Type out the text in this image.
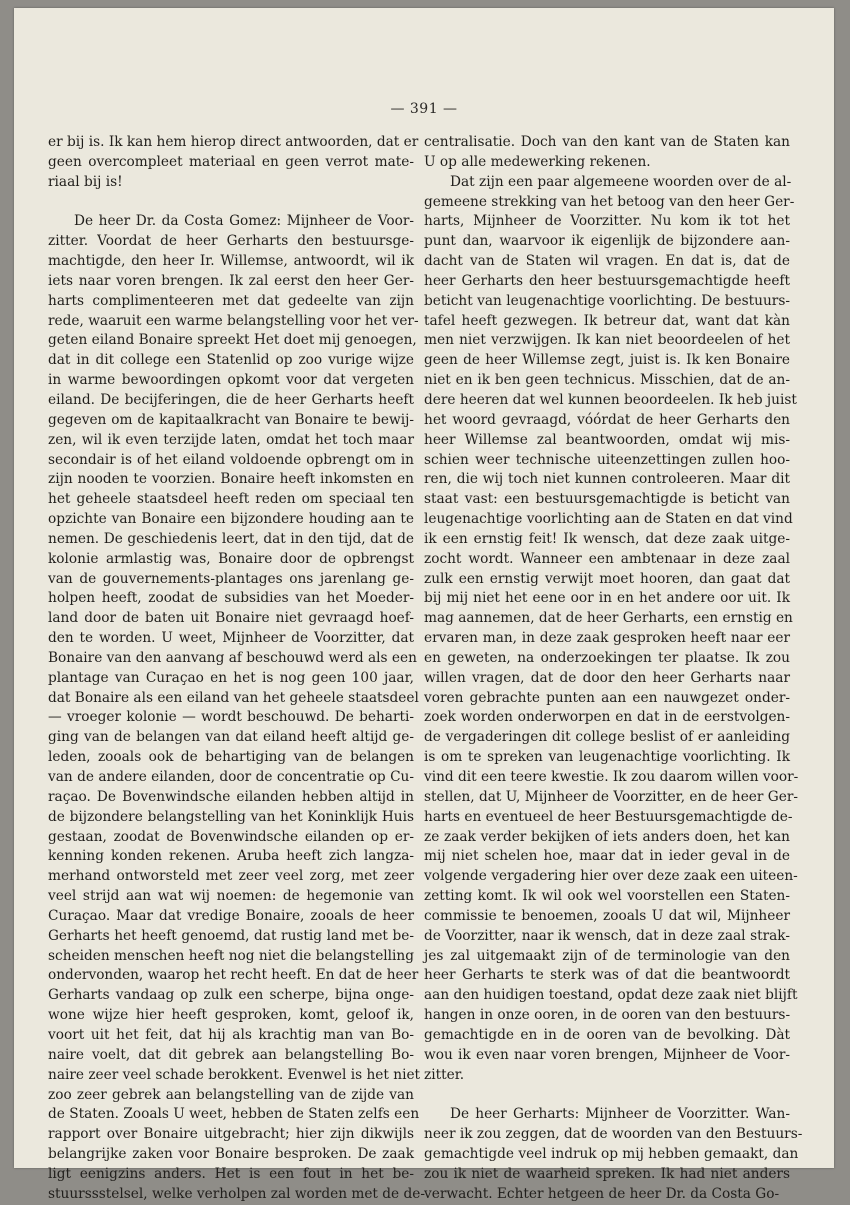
— 391 —
er bij is. Ik kan hem hierop direct antwoorden, dat er
geen overcompleet materiaal en geen verrot mate-
riaal bij is!
De heer Dr. da Costa Gomez: Mijnheer de Voor-
zitter. Voordat de heer Gerharts den bestuursge-
machtigde, den heer Ir. Willemse, antwoordt, wil ik
iets naar voren brengen. Ik zal eerst den heer Ger-
harts complimenteeren met dat gedeelte van zijn
rede, waaruit een warme belangstelling voor het ver-
geten eiland Bonaire spreekt Het doet mij genoegen,
dat in dit college een Statenlid op zoo vurige wijze
in warme bewoordingen opkomt voor dat vergeten
eiland. De becijferingen, die de heer Gerharts heeft
gegeven om de kapitaalkracht van Bonaire te bewij-
zen, wil ik even terzijde laten, omdat het toch maar
secondair is of het eiland voldoende opbrengt om in
zijn nooden te voorzien. Bonaire heeft inkomsten en
het geheele staatsdeel heeft reden om speciaal ten
opzichte van Bonaire een bijzondere houding aan te
nemen. De geschiedenis leert, dat in den tijd, dat de
kolonie armlastig was, Bonaire door de opbrengst
van de gouvernements-plantages ons jarenlang ge-
holpen heeft, zoodat de subsidies van het Moeder-
land door de baten uit Bonaire niet gevraagd hoef-
den te worden. U weet, Mijnheer de Voorzitter, dat
Bonaire van den aanvang af beschouwd werd als een
plantage van Curaçao en het is nog geen 100 jaar,
dat Bonaire als een eiland van het geheele staatsdeel
— vroeger kolonie — wordt beschouwd. De beharti-
ging van de belangen van dat eiland heeft altijd ge-
leden, zooals ook de behartiging van de belangen
van de andere eilanden, door de concentratie op Cu-
raçao. De Bovenwindsche eilanden hebben altijd in
de bijzondere belangstelling van het Koninklijk Huis
gestaan, zoodat de Bovenwindsche eilanden op er-
kenning konden rekenen. Aruba heeft zich langza-
merhand ontworsteld met zeer veel zorg, met zeer
veel strijd aan wat wij noemen: de hegemonie van
Curaçao. Maar dat vredige Bonaire, zooals de heer
Gerharts het heeft genoemd, dat rustig land met be-
scheiden menschen heeft nog niet die belangstelling
ondervonden, waarop het recht heeft. En dat de heer
Gerharts vandaag op zulk een scherpe, bijna onge-
wone wijze hier heeft gesproken, komt, geloof ik,
voort uit het feit, dat hij als krachtig man van Bo-
naire voelt, dat dit gebrek aan belangstelling Bo-
naire zeer veel schade berokkent. Evenwel is het niet
zoo zeer gebrek aan belangstelling van de zijde van
de Staten. Zooals U weet, hebben de Staten zelfs een
rapport over Bonaire uitgebracht; hier zijn dikwijls
belangrijke zaken voor Bonaire besproken. De zaak
ligt eenigzins anders. Het is een fout in het be-
stuurssstelsel, welke verholpen zal worden met de de-
centralisatie. Doch van den kant van de Staten kan
U op alle medewerking rekenen.
Dat zijn een paar algemeene woorden over de al-
gemeene strekking van het betoog van den heer Ger-
harts, Mijnheer de Voorzitter. Nu kom ik tot het
punt dan, waarvoor ik eigenlijk de bijzondere aan-
dacht van de Staten wil vragen. En dat is, dat de
heer Gerharts den heer bestuursgemachtigde heeft
beticht van leugenachtige voorlichting. De bestuurs-
tafel heeft gezwegen. Ik betreur dat, want dat kàn
men niet verzwijgen. Ik kan niet beoordeelen of het
geen de heer Willemse zegt, juist is. Ik ken Bonaire
niet en ik ben geen technicus. Misschien, dat de an-
dere heeren dat wel kunnen beoordeelen. Ik heb juist
het woord gevraagd, vóórdat de heer Gerharts den
heer Willemse zal beantwoorden, omdat wij mis-
schien weer technische uiteenzettingen zullen hoo-
ren, die wij toch niet kunnen controleeren. Maar dit
staat vast: een bestuursgemachtigde is beticht van
leugenachtige voorlichting aan de Staten en dat vind
ik een ernstig feit! Ik wensch, dat deze zaak uitge-
zocht wordt. Wanneer een ambtenaar in deze zaal
zulk een ernstig verwijt moet hooren, dan gaat dat
bij mij niet het eene oor in en het andere oor uit. Ik
mag aannemen, dat de heer Gerharts, een ernstig en
ervaren man, in deze zaak gesproken heeft naar eer
en geweten, na onderzoekingen ter plaatse. Ik zou
willen vragen, dat de door den heer Gerharts naar
voren gebrachte punten aan een nauwgezet onder-
zoek worden onderworpen en dat in de eerstvolgen-
de vergaderingen dit college beslist of er aanleiding
is om te spreken van leugenachtige voorlichting. Ik
vind dit een teere kwestie. Ik zou daarom willen voor-
stellen, dat U, Mijnheer de Voorzitter, en de heer Ger-
harts en eventueel de heer Bestuursgemachtigde de-
ze zaak verder bekijken of iets anders doen, het kan
mij niet schelen hoe, maar dat in ieder geval in de
volgende vergadering hier over deze zaak een uiteen-
zetting komt. Ik wil ook wel voorstellen een Staten-
commissie te benoemen, zooals U dat wil, Mijnheer
de Voorzitter, naar ik wensch, dat in deze zaal strak-
jes zal uitgemaakt zijn of de terminologie van den
heer Gerharts te sterk was of dat die beantwoordt
aan den huidigen toestand, opdat deze zaak niet blijft
hangen in onze ooren, in de ooren van den bestuurs-
gemachtigde en in de ooren van de bevolking. Dàt
wou ik even naar voren brengen, Mijnheer de Voor-
zitter.
De heer Gerharts: Mijnheer de Voorzitter. Wan-
neer ik zou zeggen, dat de woorden van den Bestuurs-
gemachtigde veel indruk op mij hebben gemaakt, dan
zou ik niet de waarheid spreken. Ik had niet anders
verwacht. Echter hetgeen de heer Dr. da Costa Go-
